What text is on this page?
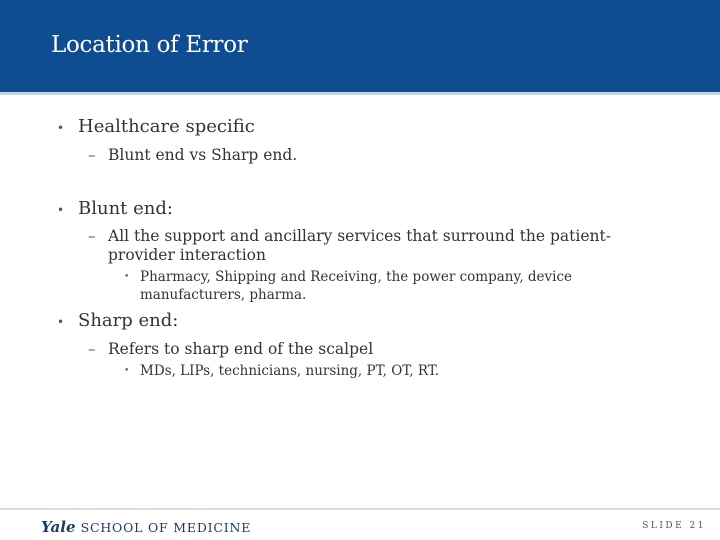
Location of Error
• Healthcare specific
– Blunt end vs Sharp end.
• Blunt end:
– All the support and ancillary services that surround the patient-
provider interaction
• Pharmacy, Shipping and Receiving, the power company, device
manufacturers, pharma.
• Sharp end:
– Refers to sharp end of the scalpel
• MDs, LIPs, technicians, nursing, PT, OT, RT.
Yale SCHOOL OF MEDICINE	SLIDE 21
